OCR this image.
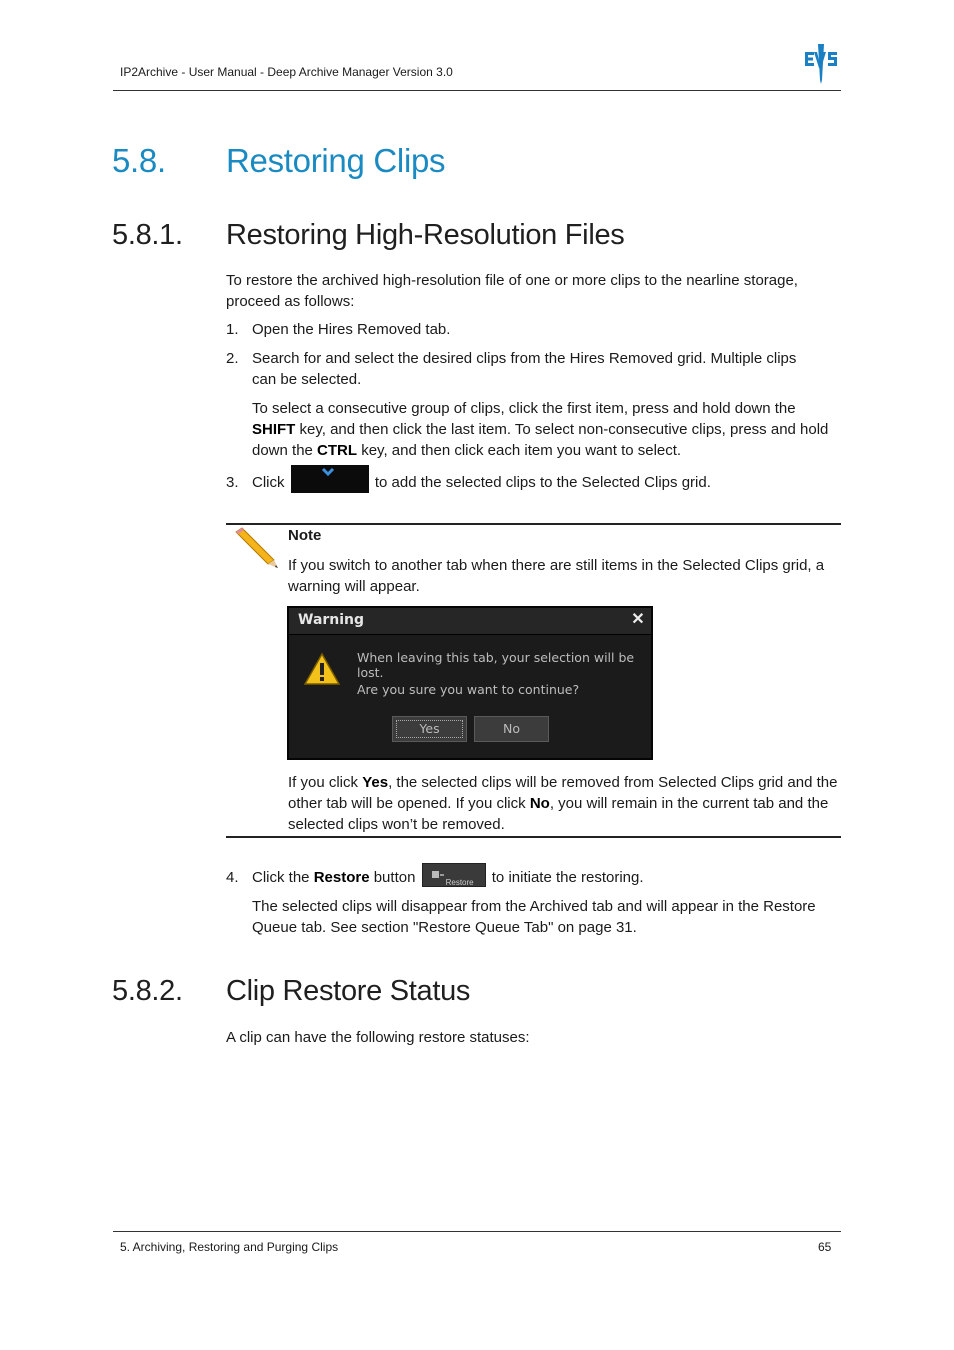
IP2Archive - User Manual - Deep Archive Manager Version 3.0
5.8. Restoring Clips
5.8.1. Restoring High-Resolution Files
To restore the archived high-resolution file of one or more clips to the nearline storage, proceed as follows:
1. Open the Hires Removed tab.
2. Search for and select the desired clips from the Hires Removed grid. Multiple clips can be selected.
To select a consecutive group of clips, click the first item, press and hold down the SHIFT key, and then click the last item. To select non-consecutive clips, press and hold down the CTRL key, and then click each item you want to select.
3. Click	to add the selected clips to the Selected Clips grid.
Note
If you switch to another tab when there are still items in the Selected Clips grid, a warning will appear.
Warning	✕
When leaving this tab, your selection will be lost.
Are you sure you want to continue?
Yes	No
If you click Yes, the selected clips will be removed from Selected Clips grid and the other tab will be opened. If you click No, you will remain in the current tab and the selected clips won’t be removed.
4. Click the Restore button	Restore to initiate the restoring.
The selected clips will disappear from the Archived tab and will appear in the Restore Queue tab. See section "Restore Queue Tab" on page 31.
5.8.2. Clip Restore Status
A clip can have the following restore statuses:
5. Archiving, Restoring and Purging Clips	65
